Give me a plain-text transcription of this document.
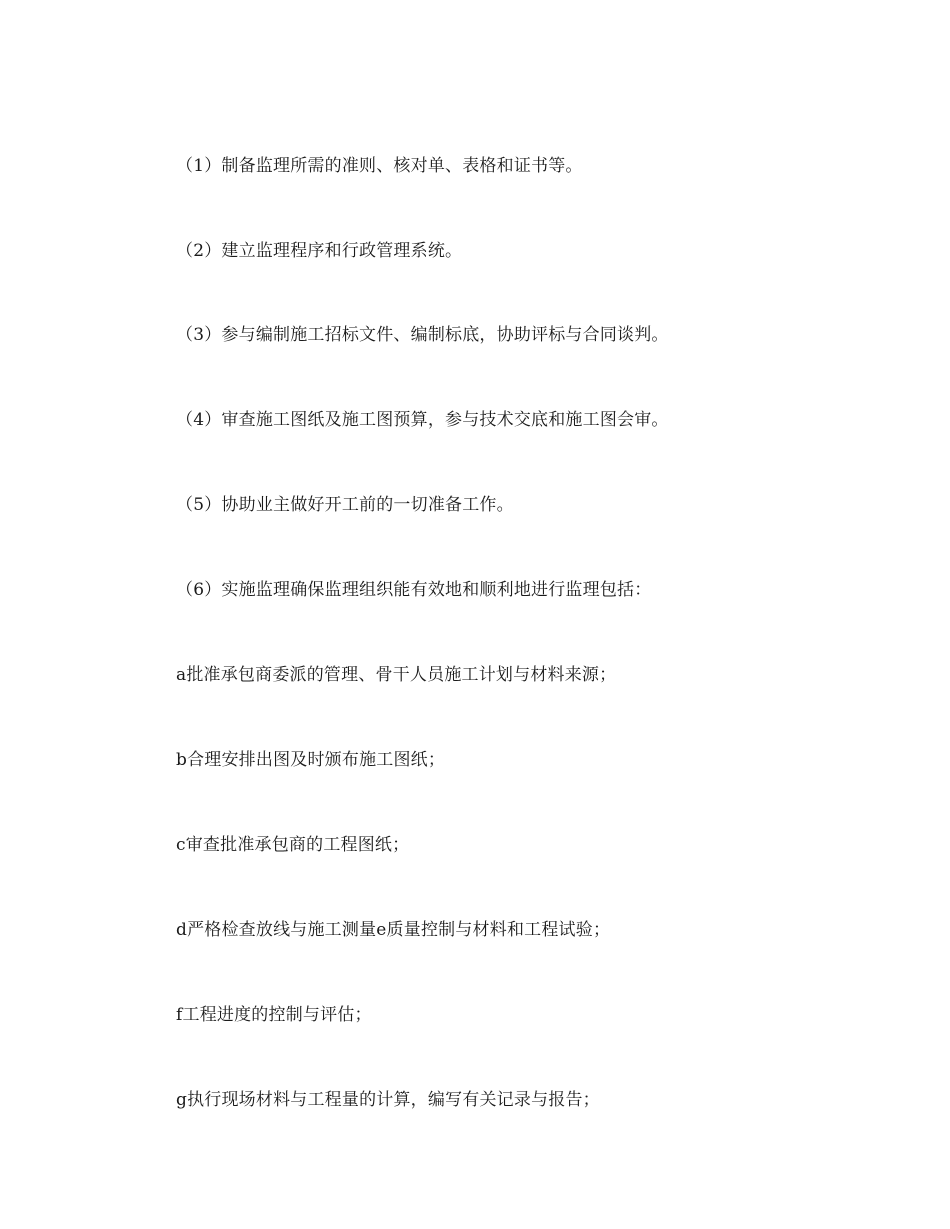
（1）制备监理所需的准则、核对单、表格和证书等。
（2）建立监理程序和行政管理系统。
（3）参与编制施工招标文件、编制标底，协助评标与合同谈判。
（4）审查施工图纸及施工图预算，参与技术交底和施工图会审。
（5）协助业主做好开工前的一切准备工作。
（6）实施监理确保监理组织能有效地和顺利地进行监理包括：
a批准承包商委派的管理、骨干人员施工计划与材料来源；
b合理安排出图及时颁布施工图纸；
c审查批准承包商的工程图纸；
d严格检查放线与施工测量e质量控制与材料和工程试验；
f工程进度的控制与评估；
g执行现场材料与工程量的计算，编写有关记录与报告；
